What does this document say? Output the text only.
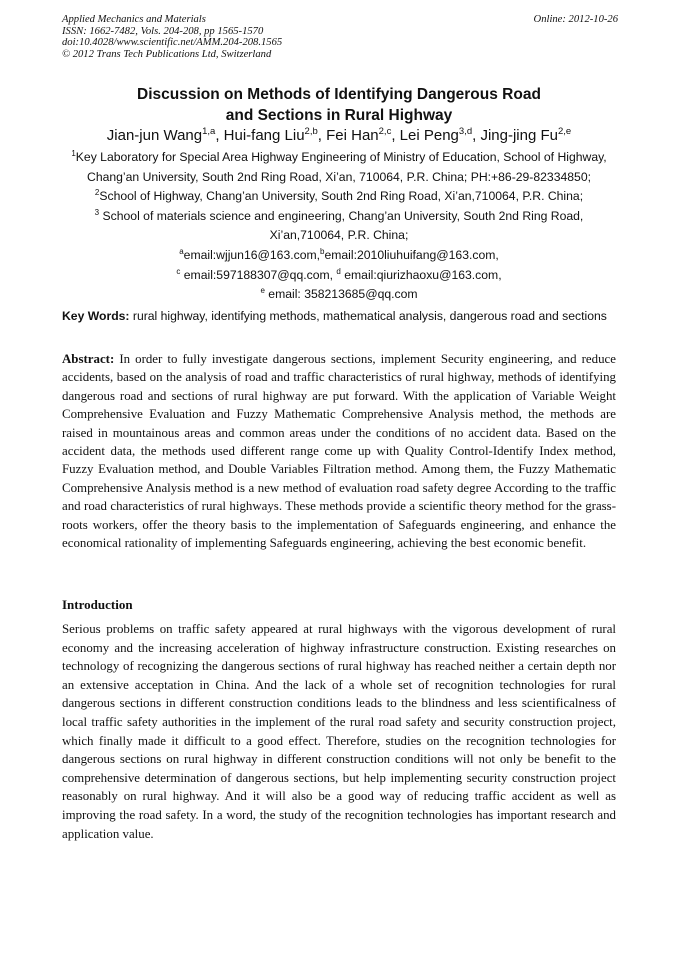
Applied Mechanics and Materials
ISSN: 1662-7482, Vols. 204-208, pp 1565-1570
doi:10.4028/www.scientific.net/AMM.204-208.1565
© 2012 Trans Tech Publications Ltd, Switzerland
Online: 2012-10-26
Discussion on Methods of Identifying Dangerous Road
and Sections in Rural Highway
Jian-jun Wang$^{1,a}$, Hui-fang Liu$^{2,b}$, Fei Han$^{2,c}$, Lei Peng$^{3,d}$, Jing-jing Fu$^{2,e}$
$^1$Key Laboratory for Special Area Highway Engineering of Ministry of Education, School of Highway,
Chang’an University, South 2nd Ring Road, Xi’an, 710064, P.R. China; PH:+86-29-82334850;
$^2$School of Highway, Chang’an University, South 2nd Ring Road, Xi’an,710064, P.R. China;
$^3$ School of materials science and engineering, Chang’an University, South 2nd Ring Road,
Xi’an,710064, P.R. China;
$^a$email:wjjun16@163.com,$^b$email:2010liuhuifang@163.com,
$^c$ email:597188307@qq.com, $^d$ email:qiurizhaoxu@163.com,
$^e$ email: 358213685@qq.com
Key Words: rural highway, identifying methods, mathematical analysis, dangerous road and sections
Abstract: In order to fully investigate dangerous sections, implement Security engineering, and reduce accidents, based on the analysis of road and traffic characteristics of rural highway, methods of identifying dangerous road and sections of rural highway are put forward. With the application of Variable Weight Comprehensive Evaluation and Fuzzy Mathematic Comprehensive Analysis method, the methods are raised in mountainous areas and common areas under the conditions of no accident data. Based on the accident data, the methods used different range come up with Quality Control-Identify Index method, Fuzzy Evaluation method, and Double Variables Filtration method. Among them, the Fuzzy Mathematic Comprehensive Analysis method is a new method of evaluation road safety degree According to the traffic and road characteristics of rural highways. These methods provide a scientific theory method for the grass-roots workers, offer the theory basis to the implementation of Safeguards engineering, and enhance the economical rationality of implementing Safeguards engineering, achieving the best economic benefit.
Introduction
Serious problems on traffic safety appeared at rural highways with the vigorous development of rural economy and the increasing acceleration of highway infrastructure construction. Existing researches on technology of recognizing the dangerous sections of rural highway has reached neither a certain depth nor an extensive acceptation in China. And the lack of a whole set of recognition technologies for rural dangerous sections in different construction conditions leads to the blindness and less scientificalness of local traffic safety authorities in the implement of the rural road safety and security construction project, which finally made it difficult to a good effect. Therefore, studies on the recognition technologies for dangerous sections on rural highway in different construction conditions will not only be benefit to the comprehensive determination of dangerous sections, but help implementing security construction project reasonably on rural highway. And it will also be a good way of reducing traffic accident as well as improving the road safety. In a word, the study of the recognition technologies has important research and application value.
